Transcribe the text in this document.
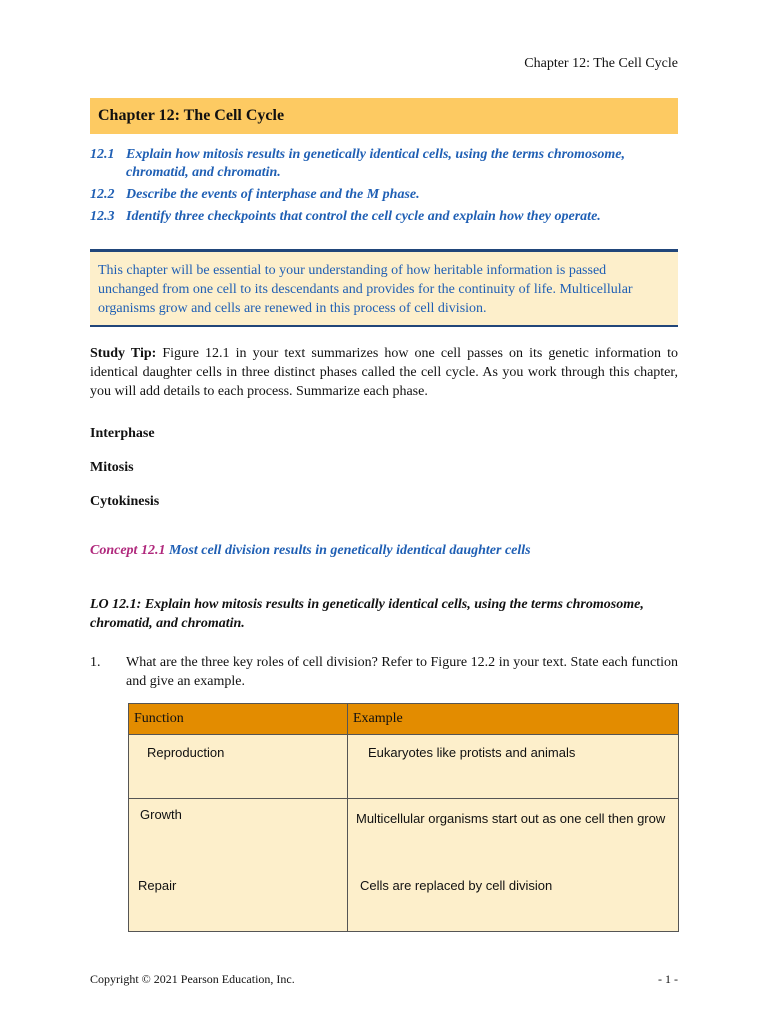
Chapter 12: The Cell Cycle
Chapter 12: The Cell Cycle
12.1 Explain how mitosis results in genetically identical cells, using the terms chromosome, chromatid, and chromatin.
12.2 Describe the events of interphase and the M phase.
12.3 Identify three checkpoints that control the cell cycle and explain how they operate.
This chapter will be essential to your understanding of how heritable information is passed unchanged from one cell to its descendants and provides for the continuity of life. Multicellular organisms grow and cells are renewed in this process of cell division.

Study Tip: Figure 12.1 in your text summarizes how one cell passes on its genetic information to identical daughter cells in three distinct phases called the cell cycle. As you work through this chapter, you will add details to each process. Summarize each phase.

Interphase
Mitosis
Cytokinesis
Concept 12.1 Most cell division results in genetically identical daughter cells
LO 12.1: Explain how mitosis results in genetically identical cells, using the terms chromosome, chromatid, and chromatin.
1.	What are the three key roles of cell division? Refer to Figure 12.2 in your text. State each function and give an example.
Function	Example
Reproduction	Eukaryotes like protists and animals
Growth	Multicellular organisms start out as one cell then grow
Repair	Cells are replaced by cell division
Copyright © 2021 Pearson Education, Inc.	- 1 -
